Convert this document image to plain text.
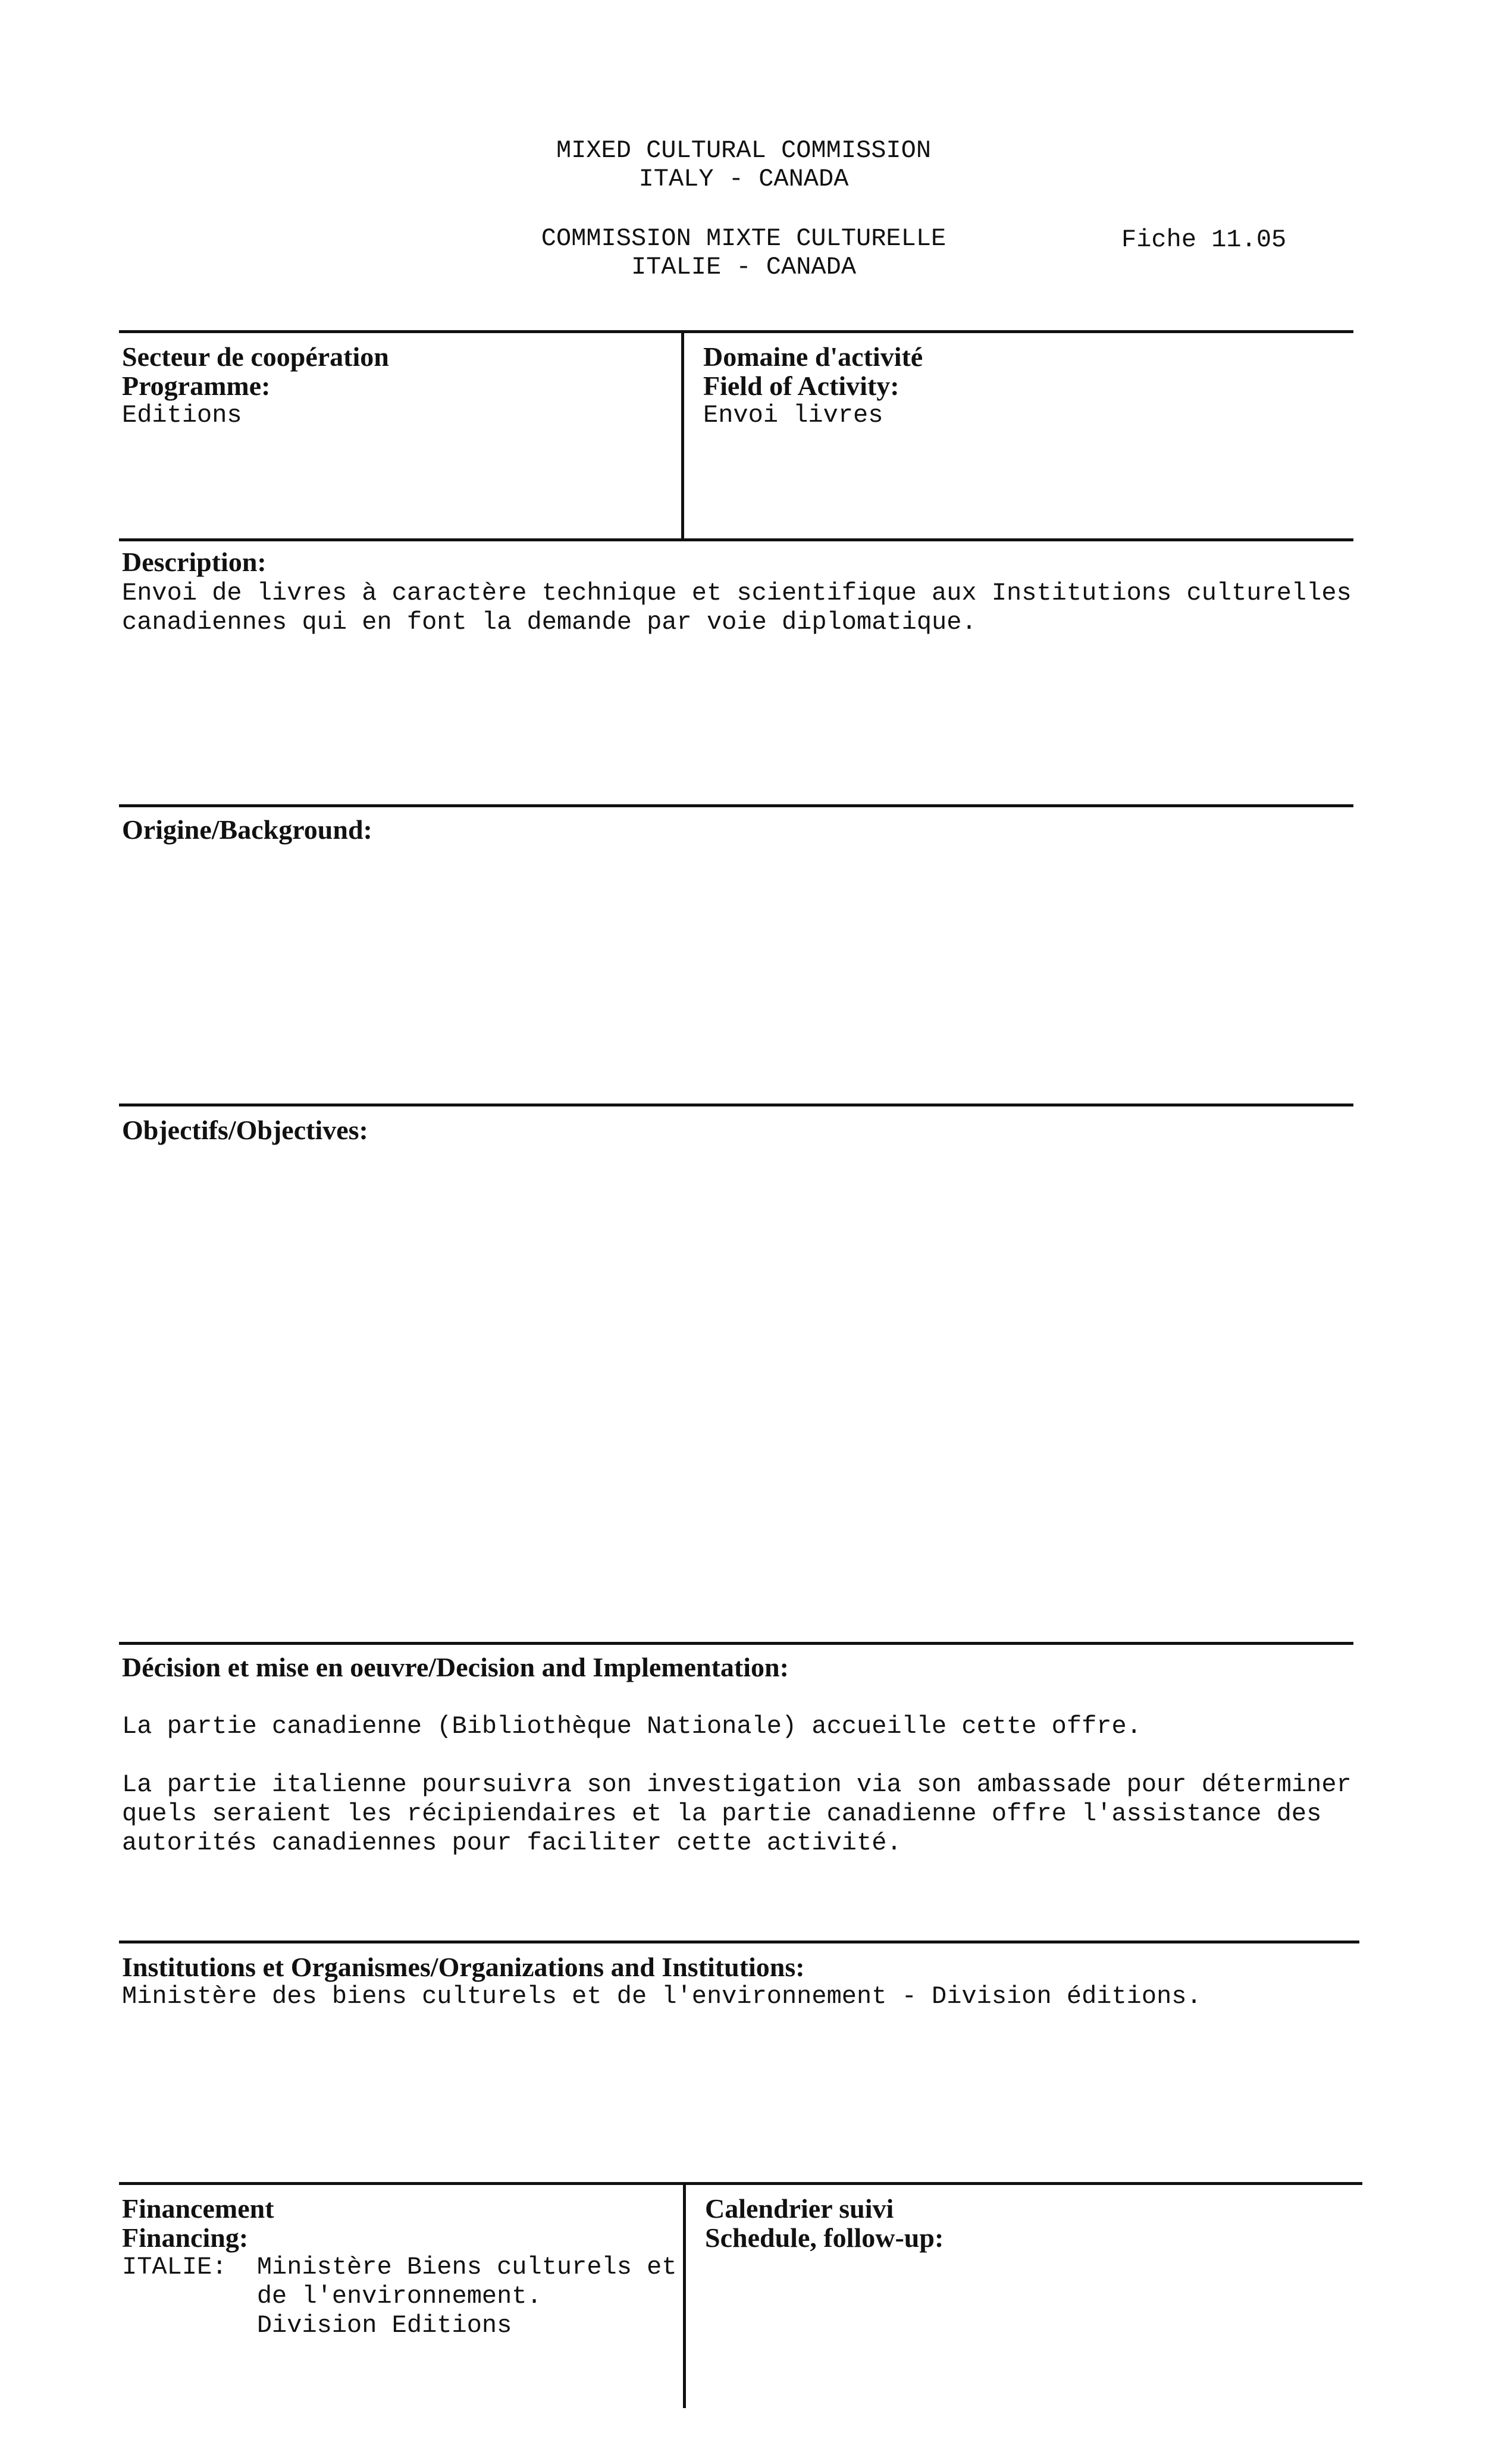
MIXED CULTURAL COMMISSION
ITALY - CANADA
COMMISSION MIXTE CULTURELLE
ITALIE - CANADA
Fiche 11.05
Secteur de coopération
Programme:
Editions
Domaine d'activité
Field of Activity:
Envoi livres
Description:
Envoi de livres à caractère technique et scientifique aux Institutions culturelles
canadiennes qui en font la demande par voie diplomatique.
Origine/Background:
Objectifs/Objectives:
Décision et mise en oeuvre/Decision and Implementation:
La partie canadienne (Bibliothèque Nationale) accueille cette offre.
La partie italienne poursuivra son investigation via son ambassade pour déterminer
quels seraient les récipiendaires et la partie canadienne offre l'assistance des
autorités canadiennes pour faciliter cette activité.
Institutions et Organismes/Organizations and Institutions:
Ministère des biens culturels et de l'environnement - Division éditions.
Financement
Financing:
ITALIE:  Ministère Biens culturels et
de l'environnement.
Division Editions
Calendrier suivi
Schedule, follow-up:
